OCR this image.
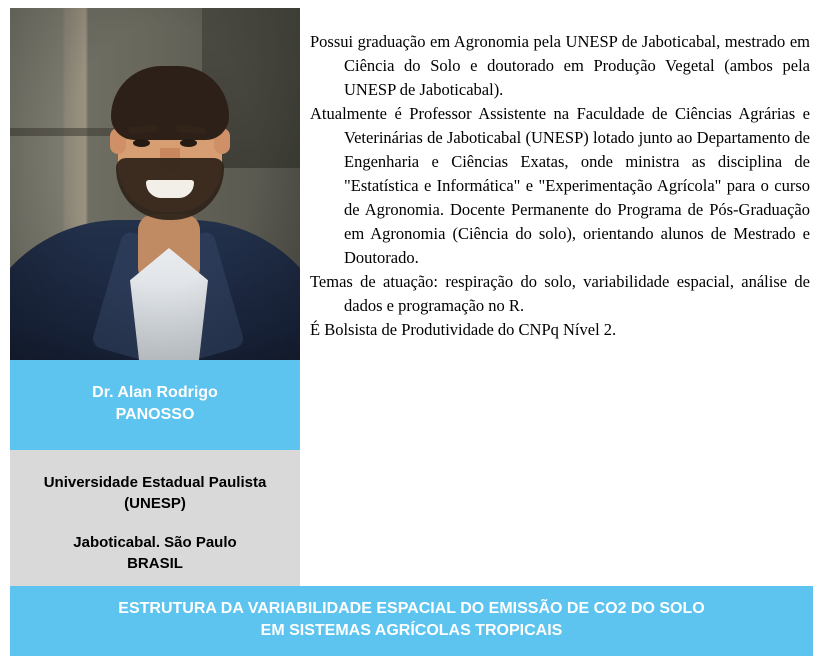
Dr. Alan Rodrigo
PANOSSO
Universidade Estadual Paulista
(UNESP)
Jaboticabal. São Paulo
BRASIL

Possui graduação em Agronomia pela UNESP de Jaboticabal, mestrado em Ciência do Solo e doutorado em Produção Vegetal (ambos pela UNESP de Jaboticabal).

Atualmente é Professor Assistente na Faculdade de Ciências Agrárias e Veterinárias de Jaboticabal (UNESP) lotado junto ao Departamento de Engenharia e Ciências Exatas, onde ministra as disciplina de "Estatística e Informática" e "Experimentação Agrícola" para o curso de Agronomia. Docente Permanente do Programa de Pós-Graduação em Agronomia (Ciência do solo), orientando alunos de Mestrado e Doutorado.

Temas de atuação: respiração do solo, variabilidade espacial, análise de dados e programação no R.

É Bolsista de Produtividade do CNPq Nível 2.

ESTRUTURA DA VARIABILIDADE ESPACIAL DO EMISSÃO DE CO2 DO SOLO
EM SISTEMAS AGRÍCOLAS TROPICAIS
